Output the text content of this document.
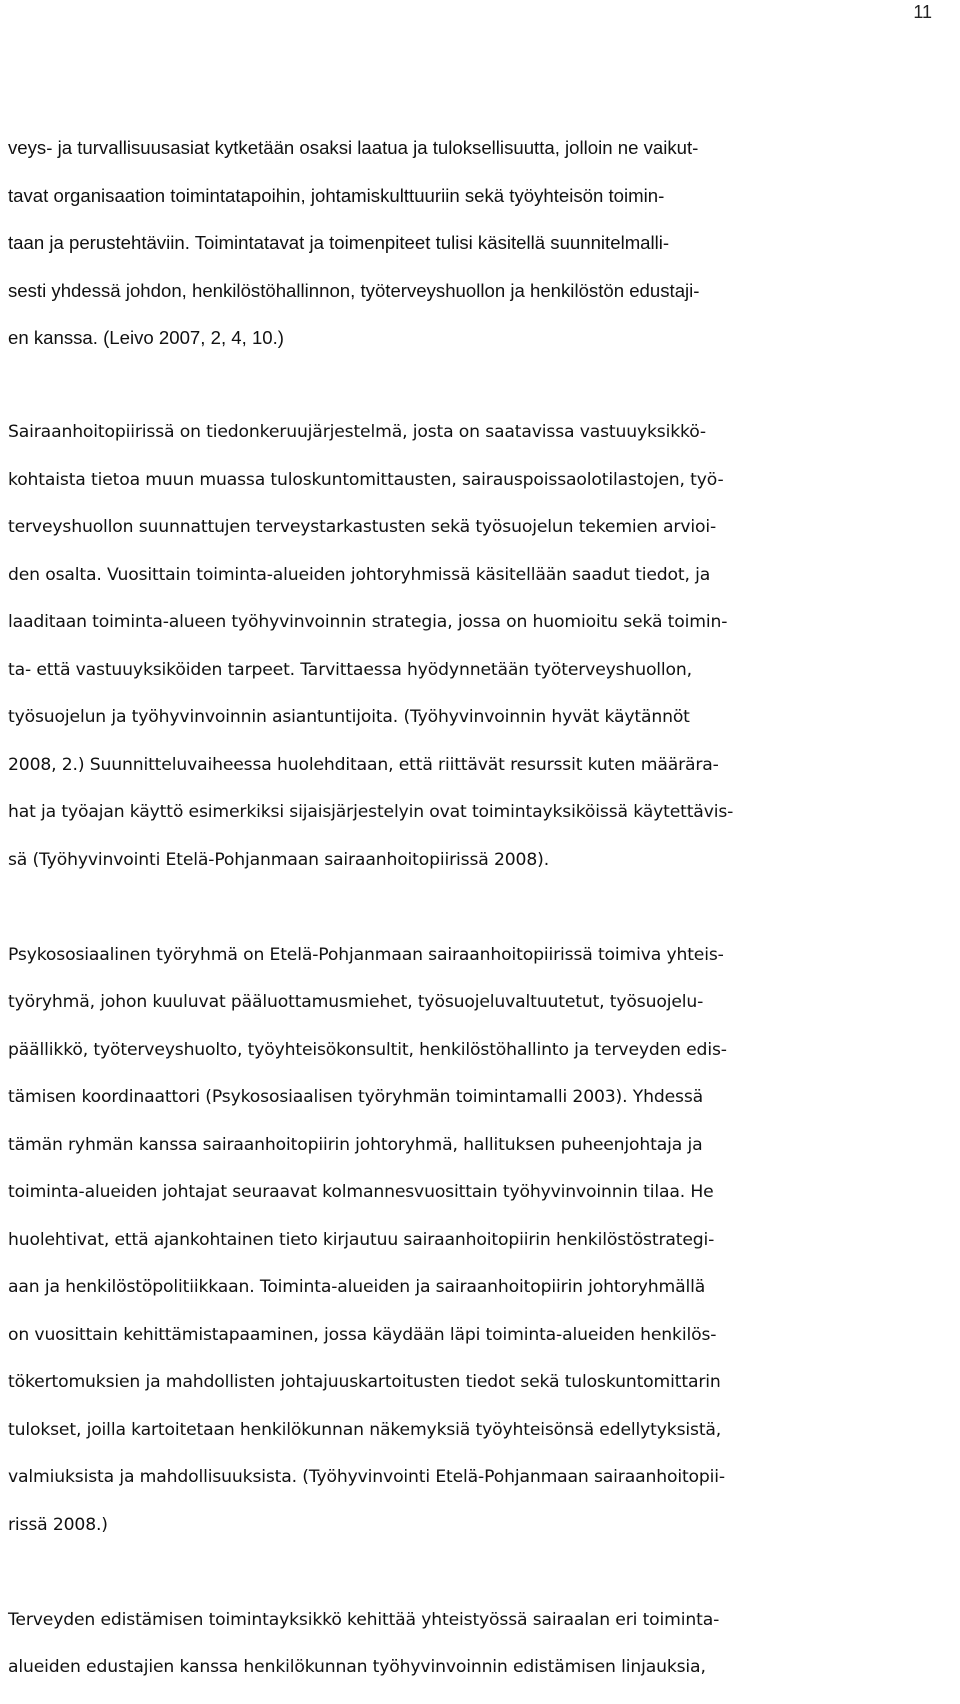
11
veys- ja turvallisuusasiat kytketään osaksi laatua ja tuloksellisuutta, jolloin ne vaikut-
tavat organisaation toimintatapoihin, johtamiskulttuuriin sekä työyhteisön toimin-
taan ja perustehtäviin. Toimintatavat ja toimenpiteet tulisi käsitellä suunnitelmalli-
sesti yhdessä johdon, henkilöstöhallinnon, työterveyshuollon ja henkilöstön edustaji-
en kanssa. (Leivo 2007, 2, 4, 10.)
Sairaanhoitopiirissä on tiedonkeruujärjestelmä, josta on saatavissa vastuuyksikkö-
kohtaista tietoa muun muassa tuloskuntomittausten, sairauspoissaolotilastojen, työ-
terveyshuollon suunnattujen terveystarkastusten sekä työsuojelun tekemien arvioi-
den osalta. Vuosittain toiminta-alueiden johtoryhmissä käsitellään saadut tiedot, ja
laaditaan toiminta-alueen työhyvinvoinnin strategia, jossa on huomioitu sekä toimin-
ta- että vastuuyksiköiden tarpeet. Tarvittaessa hyödynnetään työterveyshuollon,
työsuojelun ja työhyvinvoinnin asiantuntijoita. (Työhyvinvoinnin hyvät käytännöt
2008, 2.) Suunnitteluvaiheessa huolehditaan, että riittävät resurssit kuten määrära-
hat ja työajan käyttö esimerkiksi sijaisjärjestelyin ovat toimintayksiköissä käytettävis-
sä (Työhyvinvointi Etelä-Pohjanmaan sairaanhoitopiirissä 2008).
Psykososiaalinen työryhmä on Etelä-Pohjanmaan sairaanhoitopiirissä toimiva yhteis-
työryhmä, johon kuuluvat pääluottamusmiehet, työsuojeluvaltuutetut, työsuojelu-
päällikkö, työterveyshuolto, työyhteisökonsultit, henkilöstöhallinto ja terveyden edis-
tämisen koordinaattori (Psykososiaalisen työryhmän toimintamalli 2003). Yhdessä
tämän ryhmän kanssa sairaanhoitopiirin johtoryhmä, hallituksen puheenjohtaja ja
toiminta-alueiden johtajat seuraavat kolmannesvuosittain työhyvinvoinnin tilaa. He
huolehtivat, että ajankohtainen tieto kirjautuu sairaanhoitopiirin henkilöstöstrategi-
aan ja henkilöstöpolitiikkaan. Toiminta-alueiden ja sairaanhoitopiirin johtoryhmällä
on vuosittain kehittämistapaaminen, jossa käydään läpi toiminta-alueiden henkilös-
tökertomuksien ja mahdollisten johtajuuskartoitusten tiedot sekä tuloskuntomittarin
tulokset, joilla kartoitetaan henkilökunnan näkemyksiä työyhteisönsä edellytyksistä,
valmiuksista ja mahdollisuuksista. (Työhyvinvointi Etelä-Pohjanmaan sairaanhoitopii-
rissä 2008.)
Terveyden edistämisen toimintayksikkö kehittää yhteistyössä sairaalan eri toiminta-
alueiden edustajien kanssa henkilökunnan työhyvinvoinnin edistämisen linjauksia,
